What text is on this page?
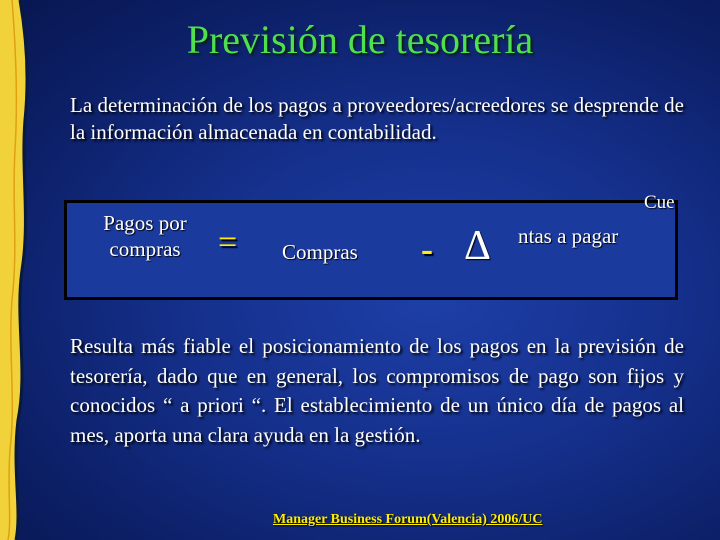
Previsión de tesorería

La determinación de los pagos a proveedores/acreedores se desprende de la información almacenada en contabilidad.

Pagos por compras	= Compras - Δ
Cue
ntas a pagar

Resulta más fiable el posicionamiento de los pagos en la previsión de tesorería, dado que en general, los compromisos de pago son fijos y conocidos “ a priori “. El establecimiento de un único día de pagos al mes, aporta una clara ayuda en la gestión.

Manager Business Forum(Valencia) 2006/UC
